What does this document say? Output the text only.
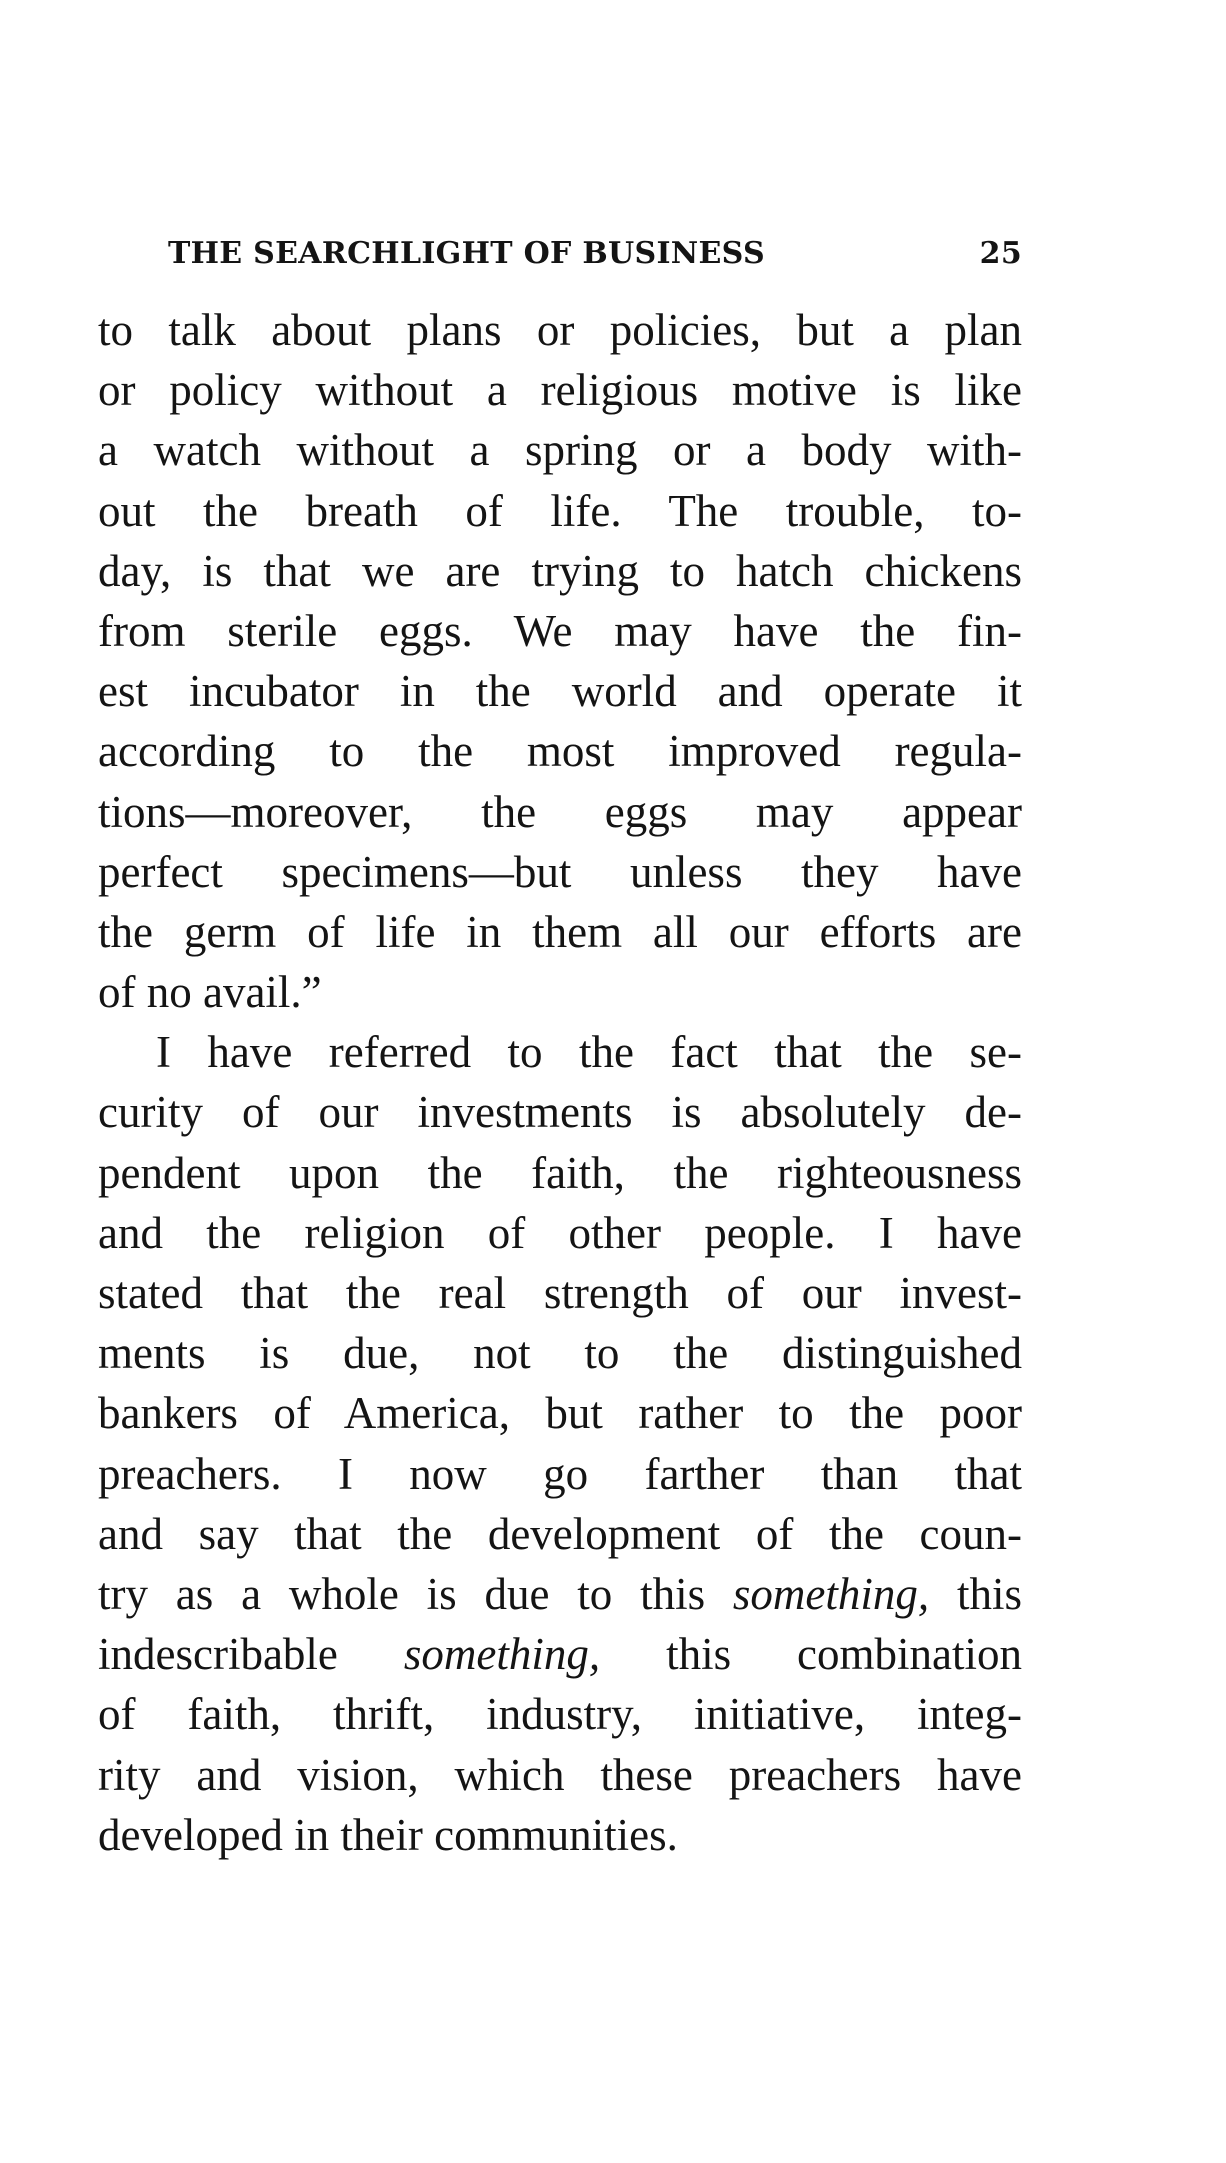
THE SEARCHLIGHT OF BUSINESS	25
to talk about plans or policies, but a plan
or policy without a religious motive is like
a watch without a spring or a body with-
out the breath of life. The trouble, to-
day, is that we are trying to hatch chickens
from sterile eggs. We may have the fin-
est incubator in the world and operate it
according to the most improved regula-
tions—moreover, the eggs may appear
perfect specimens—but unless they have
the germ of life in them all our efforts are
of no avail.”
I have referred to the fact that the se-
curity of our investments is absolutely de-
pendent upon the faith, the righteousness
and the religion of other people. I have
stated that the real strength of our invest-
ments is due, not to the distinguished
bankers of America, but rather to the poor
preachers. I now go farther than that
and say that the development of the coun-
try as a whole is due to this something, this
indescribable something, this combination
of faith, thrift, industry, initiative, integ-
rity and vision, which these preachers have
developed in their communities.
